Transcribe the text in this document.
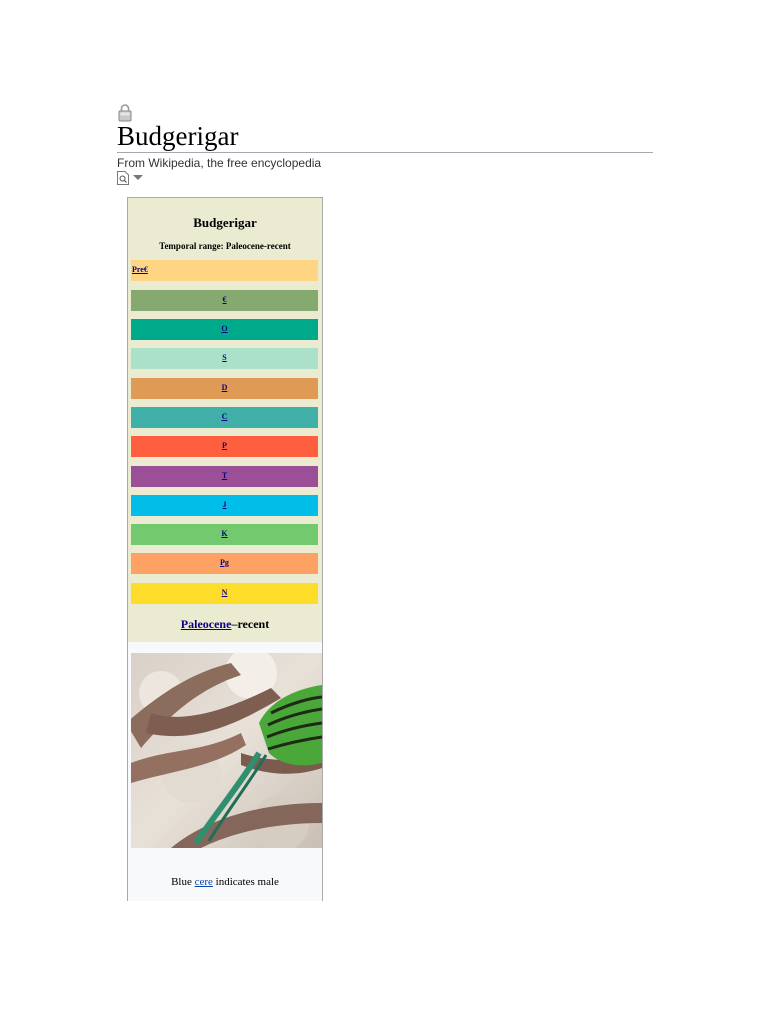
Budgerigar
From Wikipedia, the free encyclopedia
Budgerigar
Temporal range: Paleocene-recent
Pre€
€
O
S
D
C
P
T
J
K
Pg
N
Paleocene–recent
Blue cere indicates male
